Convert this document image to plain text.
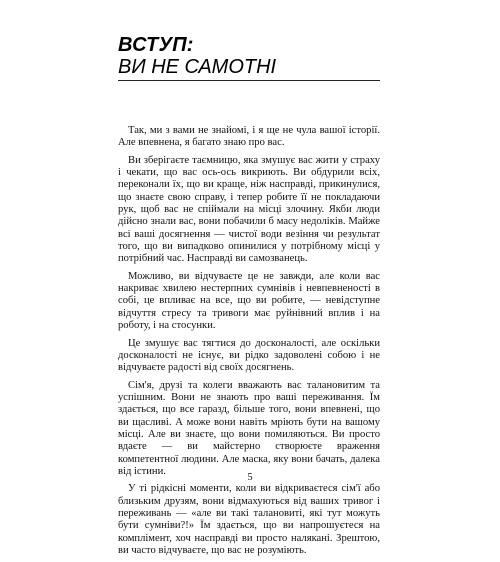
ВСТУП:
ВИ НЕ САМОТНІ

Так, ми з вами не знайомі, і я ще не чула вашої історії. Але впевнена, я багато знаю про вас.

Ви зберігаєте таємницю, яка змушує вас жити у страху і чекати, що вас ось-ось викриють. Ви обдурили всіх, переконали їх, що ви краще, ніж насправді, прикинулися, що знаєте свою справу, і тепер робите її не покладаючи рук, щоб вас не спіймали на місці злочину. Якби люди дійсно знали вас, вони побачили б масу недоліків. Майже всі ваші досягнення — чистої води везіння чи результат того, що ви випадково опинилися у потрібному місці у потрібний час. Насправді ви самозванець.

Можливо, ви відчуваєте це не завжди, але коли вас накриває хвилею нестерпних сумнівів і невпевненості в собі, це впливає на все, що ви робите, — невідступне відчуття стресу та тривоги має руйнівний вплив і на роботу, і на стосунки.

Це змушує вас тягтися до досконалості, але оскільки досконалості не існує, ви рідко задоволені собою і не відчуваєте радості від своїх досягнень.

Сім'я, друзі та колеги вважають вас талановитим та успішним. Вони не знають про ваші переживання. Їм здається, що все гаразд, більше того, вони впевнені, що ви щасливі. А може вони навіть мріють бути на вашому місці. Але ви знаєте, що вони помиляються. Ви просто вдаєте — ви майстерно створюєте враження компетентної людини. Але маска, яку вони бачать, далека від істини.

У ті рідкісні моменти, коли ви відкриваєтеся сім'ї або близьким друзям, вони відмахуються від ваших тривог і переживань — «але ви такі талановиті, які тут можуть бути сумніви?!» Їм здається, що ви напрошуєтеся на комплімент, хоч насправді ви просто налякані. Зрештою, ви часто відчуваєте, що вас не розуміють.

5
